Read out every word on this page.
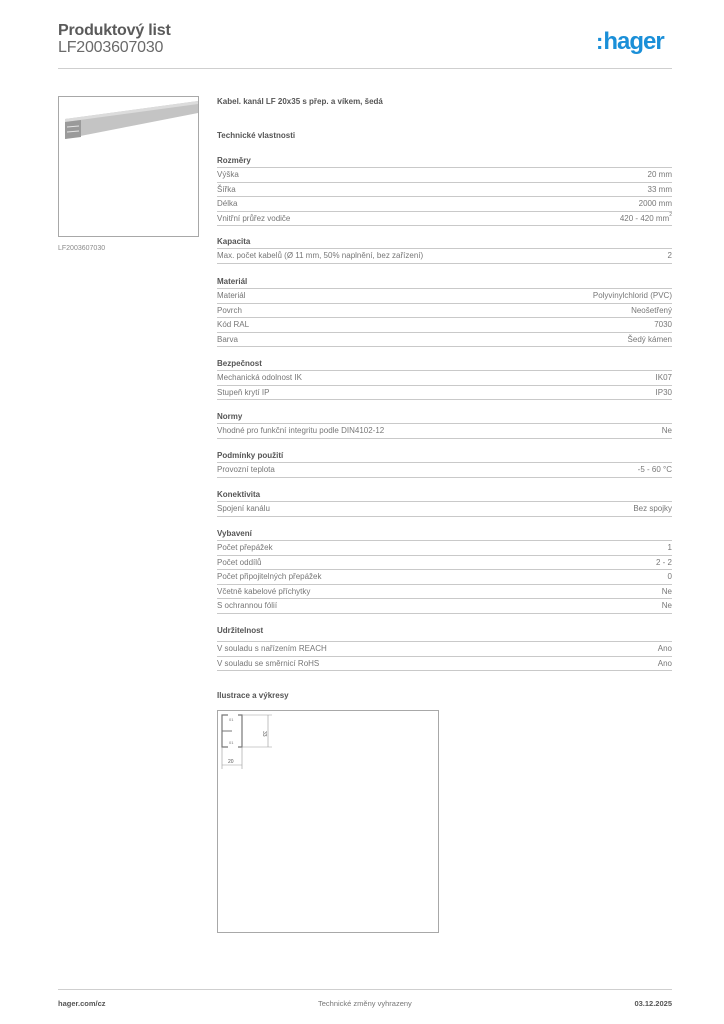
Produktový list
LF2003607030	:hager
LF2003607030
Kabel. kanál LF 20x35 s přep. a víkem, šedá
Technické vlastnosti
Rozměry
Výška	20 mm
Šířka	33 mm
Délka	2000 mm
Vnitřní průřez vodiče	420 - 420 $mm^2$
Kapacita
Max. počet kabelů (Ø 11 mm, 50% naplnění, bez zařízení)	2
Materiál
Materiál	Polyvinylchlorid (PVC)
Povrch	Neošetřený
Kód RAL	7030
Barva	Šedý kámen
Bezpečnost
Mechanická odolnost IK	IK07
Stupeň krytí IP	IP30
Normy
Vhodné pro funkční integritu podle DIN4102-12	Ne
Podmínky použití
Provozní teplota	-5 - 60 °C
Konektivita
Spojení kanálu	Bez spojky
Vybavení
Počet přepážek	1
Počet oddílů	2 - 2
Počet připojitelných přepážek	0
Včetně kabelové příchytky	Ne
S ochrannou fólií	Ne
Udržitelnost
V souladu s nařízením REACH	Ano
V souladu se směrnicí RoHS	Ano
Ilustrace a výkresy
01
01
33
20
hager.com/cz	Technické změny vyhrazeny	03.12.2025
